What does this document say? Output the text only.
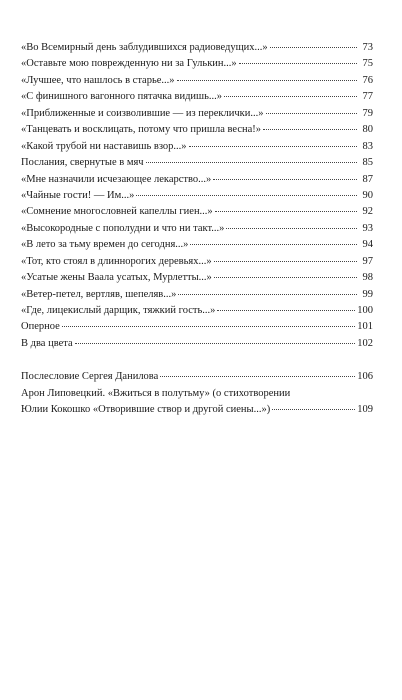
«Во Всемирный день заблудившихся радиоведущих...»	73
«Оставьте мою поврежденную ни за Гулькин...»	75
«Лучшее, что нашлось в старье...»	76
«С финишного вагонного пятачка видишь...»	77
«Приближенные и соизволившие — из переклички...»	79
«Танцевать и восклицать, потому что пришла весна!»	80
«Какой трубой ни наставишь взор...»	83
Послания, свернутые в мяч	85
«Мне назначили исчезающее лекарство...»	87
«Чайные гости! — Им...»	90
«Сомнение многословней капеллы гиен...»	92
«Высокородные с пополудни и что ни такт...»	93
«В лето за тьму времен до сегодня...»	94
«Тот, кто стоял в длиннорогих деревьях...»	97
«Усатые жены Ваала усатых, Мурлетты...»	98
«Ветер-петел, вертляв, шепеляв...»	99
«Где, лицекислый дарщик, тяжкий гость...»	100
Оперное	101
В два цвета	102
Послесловие Сергея Данилова	106
Арон Липовецкий. «Вжиться в полутьму» (о стихотворении
Юлии Кокошко «Отворившие створ и другой сиены...»)	109
